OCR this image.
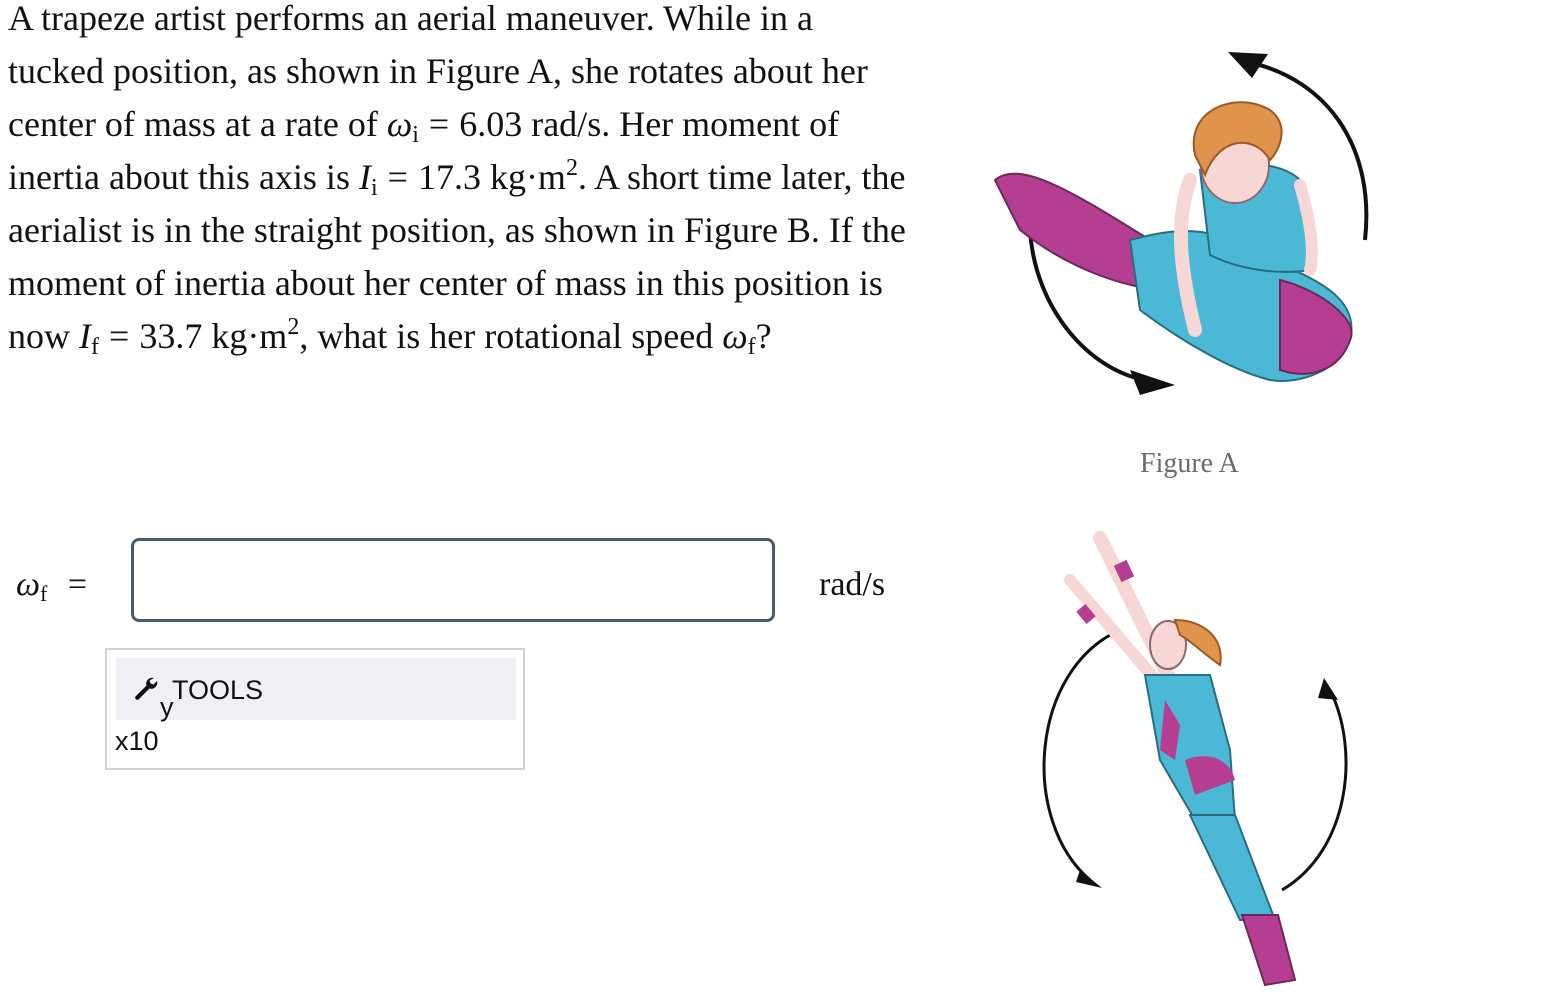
A trapeze artist performs an aerial maneuver. While in a tucked position, as shown in Figure A, she rotates about her center of mass at a rate of $\omega_i = 6.03$ rad/s. Her moment of inertia about this axis is $I_i = 17.3$ $kg\cdot m^2$. A short time later, the aerialist is in the straight position, as shown in Figure B. If the moment of inertia about her center of mass in this position is now $I_f = 33.7$ $kg\cdot m^2$, what is her rotational speed $\omega_f$?
$\omega_f$ =	rad/s
TOOLS
y
x10
Figure A
